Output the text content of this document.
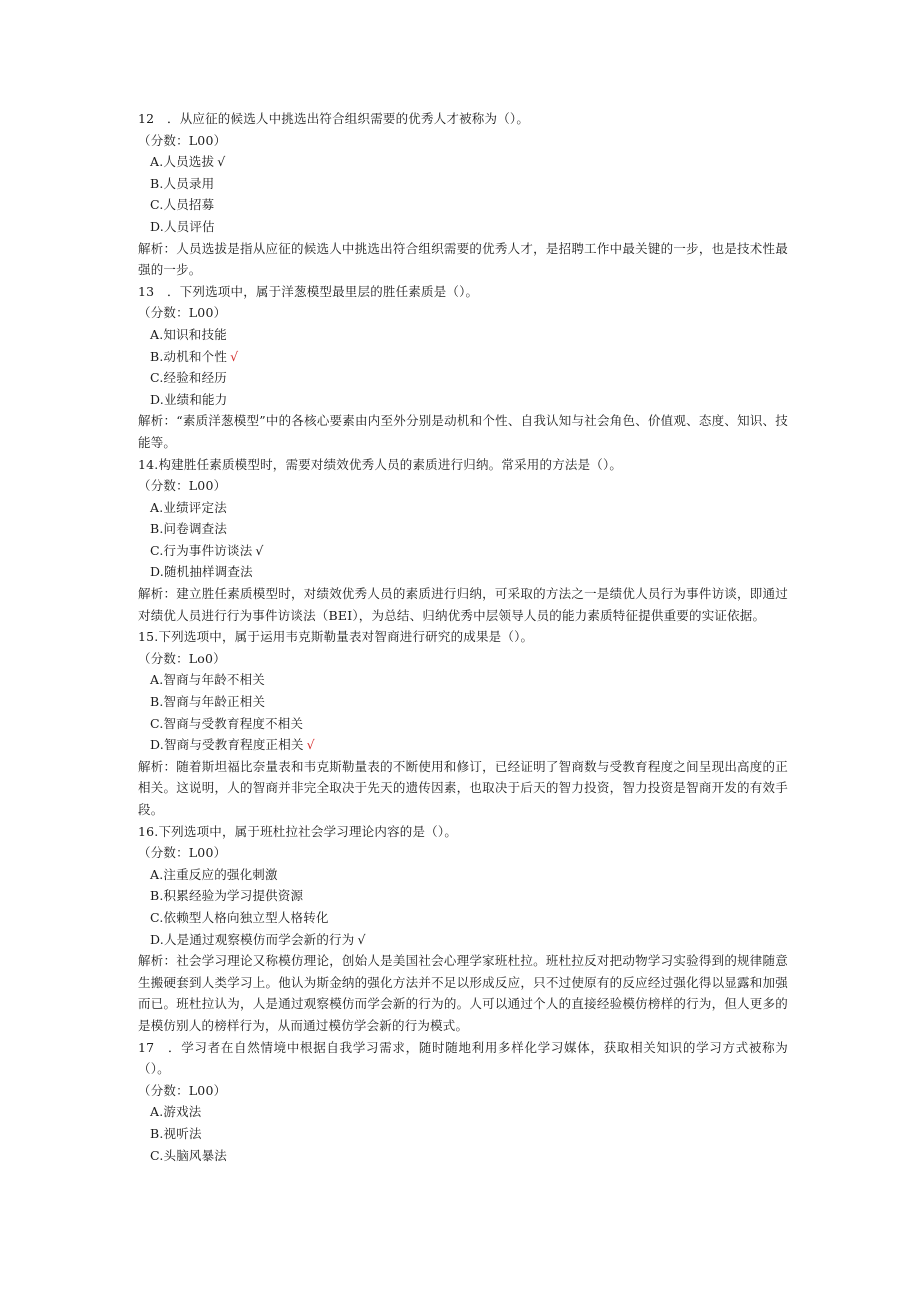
12　．从应征的候选人中挑选出符合组织需要的优秀人才被称为（）。
（分数：L00）
A.人员选拔 √
B.人员录用
C.人员招募
D.人员评估
解析：人员选拔是指从应征的候选人中挑选出符合组织需要的优秀人才，是招聘工作中最关键的一步，也是技术性最强的一步。
13　．下列选项中，属于洋葱模型最里层的胜任素质是（）。
（分数：L00）
A.知识和技能
B.动机和个性 √
C.经验和经历
D.业绩和能力
解析：“素质洋葱模型”中的各核心要素由内至外分别是动机和个性、自我认知与社会角色、价值观、态度、知识、技能等。
14.构建胜任素质模型时，需要对绩效优秀人员的素质进行归纳。常采用的方法是（）。
（分数：L00）
A.业绩评定法
B.问卷调查法
C.行为事件访谈法 √
D.随机抽样调查法
解析：建立胜任素质模型时，对绩效优秀人员的素质进行归纳，可采取的方法之一是绩优人员行为事件访谈，即通过对绩优人员进行行为事件访谈法（BEI），为总结、归纳优秀中层领导人员的能力素质特征提供重要的实证依据。
15.下列选项中，属于运用韦克斯勒量表对智商进行研究的成果是（）。
（分数：Lo0）
A.智商与年龄不相关
B.智商与年龄正相关
C.智商与受教育程度不相关
D.智商与受教育程度正相关 √
解析：随着斯坦福比奈量表和韦克斯勒量表的不断使用和修订，已经证明了智商数与受教育程度之间呈现出高度的正相关。这说明，人的智商并非完全取决于先天的遗传因素，也取决于后天的智力投资，智力投资是智商开发的有效手段。
16.下列选项中，属于班杜拉社会学习理论内容的是（）。
（分数：L00）
A.注重反应的强化刺激
B.积累经验为学习提供资源
C.依赖型人格向独立型人格转化
D.人是通过观察模仿而学会新的行为 √
解析：社会学习理论又称模仿理论，创始人是美国社会心理学家班杜拉。班杜拉反对把动物学习实验得到的规律随意生搬硬套到人类学习上。他认为斯金纳的强化方法并不足以形成反应，只不过使原有的反应经过强化得以显露和加强而已。班杜拉认为，人是通过观察模仿而学会新的行为的。人可以通过个人的直接经验模仿榜样的行为，但人更多的是模仿别人的榜样行为，从而通过模仿学会新的行为模式。
17　．学习者在自然情境中根据自我学习需求，随时随地利用多样化学习媒体，获取相关知识的学习方式被称为（）。
（分数：L00）
A.游戏法
B.视听法
C.头脑风暴法
